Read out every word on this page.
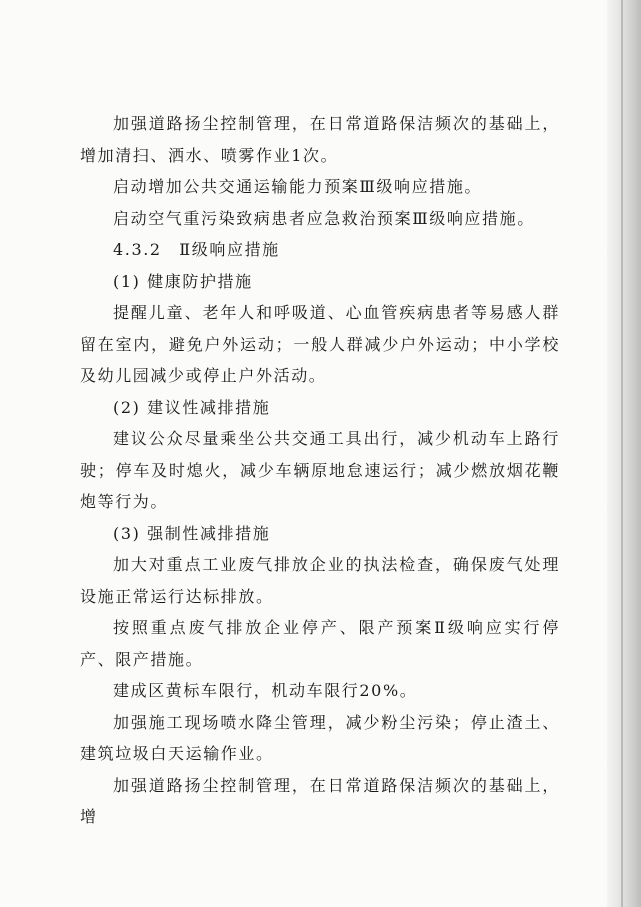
加强道路扬尘控制管理，在日常道路保洁频次的基础上，增加清扫、洒水、喷雾作业1次。

启动增加公共交通运输能力预案Ⅲ级响应措施。

启动空气重污染致病患者应急救治预案Ⅲ级响应措施。

4.3.2　Ⅱ级响应措施

(1) 健康防护措施

提醒儿童、老年人和呼吸道、心血管疾病患者等易感人群留在室内，避免户外运动；一般人群减少户外运动；中小学校及幼儿园减少或停止户外活动。

(2) 建议性减排措施

建议公众尽量乘坐公共交通工具出行，减少机动车上路行驶；停车及时熄火，减少车辆原地怠速运行；减少燃放烟花鞭炮等行为。

(3) 强制性减排措施

加大对重点工业废气排放企业的执法检查，确保废气处理设施正常运行达标排放。

按照重点废气排放企业停产、限产预案Ⅱ级响应实行停产、限产措施。

建成区黄标车限行，机动车限行20%。

加强施工现场喷水降尘管理，减少粉尘污染；停止渣土、建筑垃圾白天运输作业。

加强道路扬尘控制管理，在日常道路保洁频次的基础上，增
